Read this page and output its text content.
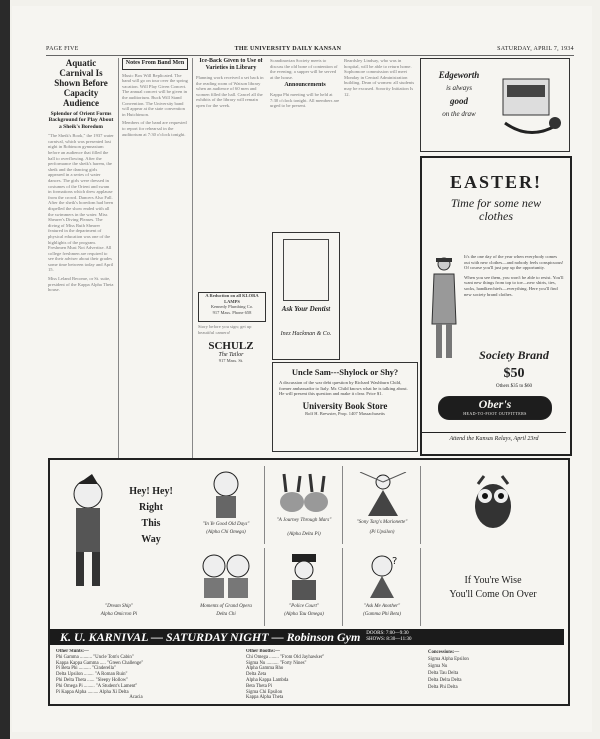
PAGE FIVE	THE UNIVERSITY DAILY KANSAN	SATURDAY, APRIL 7, 1934
Aquatic Carnival Is Shown Before Capacity Audience
Splendor of Orient Forms Background for Play About a Sheik's Boredom
"The Sheik's Book," the 1937 water carnival, which was presented last night in Robinson gymnasium before an audience that filled the hall to overflowing. After the performance the sheik's harem, the sheik and the dancing girls appeared in a series of water dances. The girls were dressed in costumes of the Orient and swam in formations which drew applause from the crowd. Dancers Also Fall. After the sheik's boredom had been dispelled the show ended with all the swimmers in the water. Miss Shearer's Diving Pleases. The diving of Miss Ruth Shearer featured in the department of physical education was one of the highlights of the program. Freshmen Must Not Advertise. All college freshmen are required to see their adviser about their grades some time between today and April 15.
Miss Leland Become, or St. suite, president of the Kappa Alpha Theta house.
Notes From Band Men
Music Box Will Replicated. The band will go on tour over the spring vacation. Will Play Given Concert. The annual concert will be given in the auditorium. Buck Will Stand Convention. The University band will appear at the state convention in Hutchinson.
Members of the band are requested to report for rehearsal in the auditorium at 7:30 o'clock tonight.
Ice-Back Given to Use of Varieties in Library
Planning work received a set back in the reading room of Watson library when an audience of 60 men and women filled the hall. Cancel all the exhibits of the library will remain open for the week.
A Reduction on all KLORA LAMPS
Kennedy Plumbing Co.
917 Mass. Phone 658
Story before you sign; get up beautiful camera!
SCHULZ
The Tailor
917 Mass. St.
Scandinavian Society meets to discuss the old bone of contention of the evening; a supper will be served at the house.
Announcements
Kappa Phi meeting will be held at 7:30 o'clock tonight. All members are urged to be present.
Ask Your Dentist
Inez Hackman & Co.
Beardsley Lindsay, who was in hospital, will be able to return home. Sophomore commission will meet Monday in Central Administration building. Dean of women: all students may be excused. Sorority Initiation Is 12.
Edgeworth
is always
good
on the draw
Uncle Sam---Shylock or Shy?
A discussion of the war debt question by Richard Washburn Child, former ambassador to Italy. Mr. Child knows what he is talking about. He will present this question and make it clear. Price $1.
University Book Store
Rolf H. Brewster, Prop. 1407 Massachusetts
EASTER!
Time for some new clothes
It's the one day of the year when everybody comes out with new clothes—and nobody feels conspicuous! Of course you'll just pay up the opportunity.
When you see them, you won't be able to resist. You'll want new things from top to toe—new shirts, ties, socks, handkerchiefs—everything. Here you'll find new society brand clothes.
Society Brand
$50
Others $35 to $60
Ober's
HEAD-TO-FOOT OUTFITTERS
Attend the Kansas Relays, April 23rd
Hey! Hey!
Right
This
Way
"Dream Ship"
Alpha Omicron Pi
"In Ye Good Old Days"
(Alpha Chi Omega)
"A Journey Through Mars"
(Alpha Delta Pi)
"Sony Targ's Marionette"
(Pi Upsilon)
Moments of Grand Opera
Delta Chi
"Police Court"
(Alpha Tau Omega)
?
"Ask Me Another"
(Gamma Phi Beta)
If You're Wise
You'll Come On Over
K. U. KARNIVAL — SATURDAY NIGHT — Robinson Gym DOORS: 7:00—9:30
SHOWS: 8:30—11:30
Other Stunts:—
Phi Gamma .......... "Uncle Tom's Cabin"
Kappa Kappa Gamma ..... "Green Challenge"
Pi Beta Phi .......... "Cinderella"
Delta Upsilon ........ "A Roman Ruin"
Phi Delta Theta ...... "Sleepy Hollow"
Phi Omega Pi ......... "A Student's Lament"
Pi Kappa Alpha ......... Alpha Xi Delta
Acacia
Other Booths:—
Chi Omega ........ "From Old Jayhawker"
Sigma Nu .......... "Forty Nines"
Alpha Gamma Rho
Delta Zeta
Alpha Kappa Lambda
Beta Theta Pi
Sigma Chi Epsilon
Kappa Alpha Theta
Concessions:—
Sigma Alpha Epsilon
Sigma Nu
Delta Tau Delta
Delta Delta Delta
Delta Phi Delta
